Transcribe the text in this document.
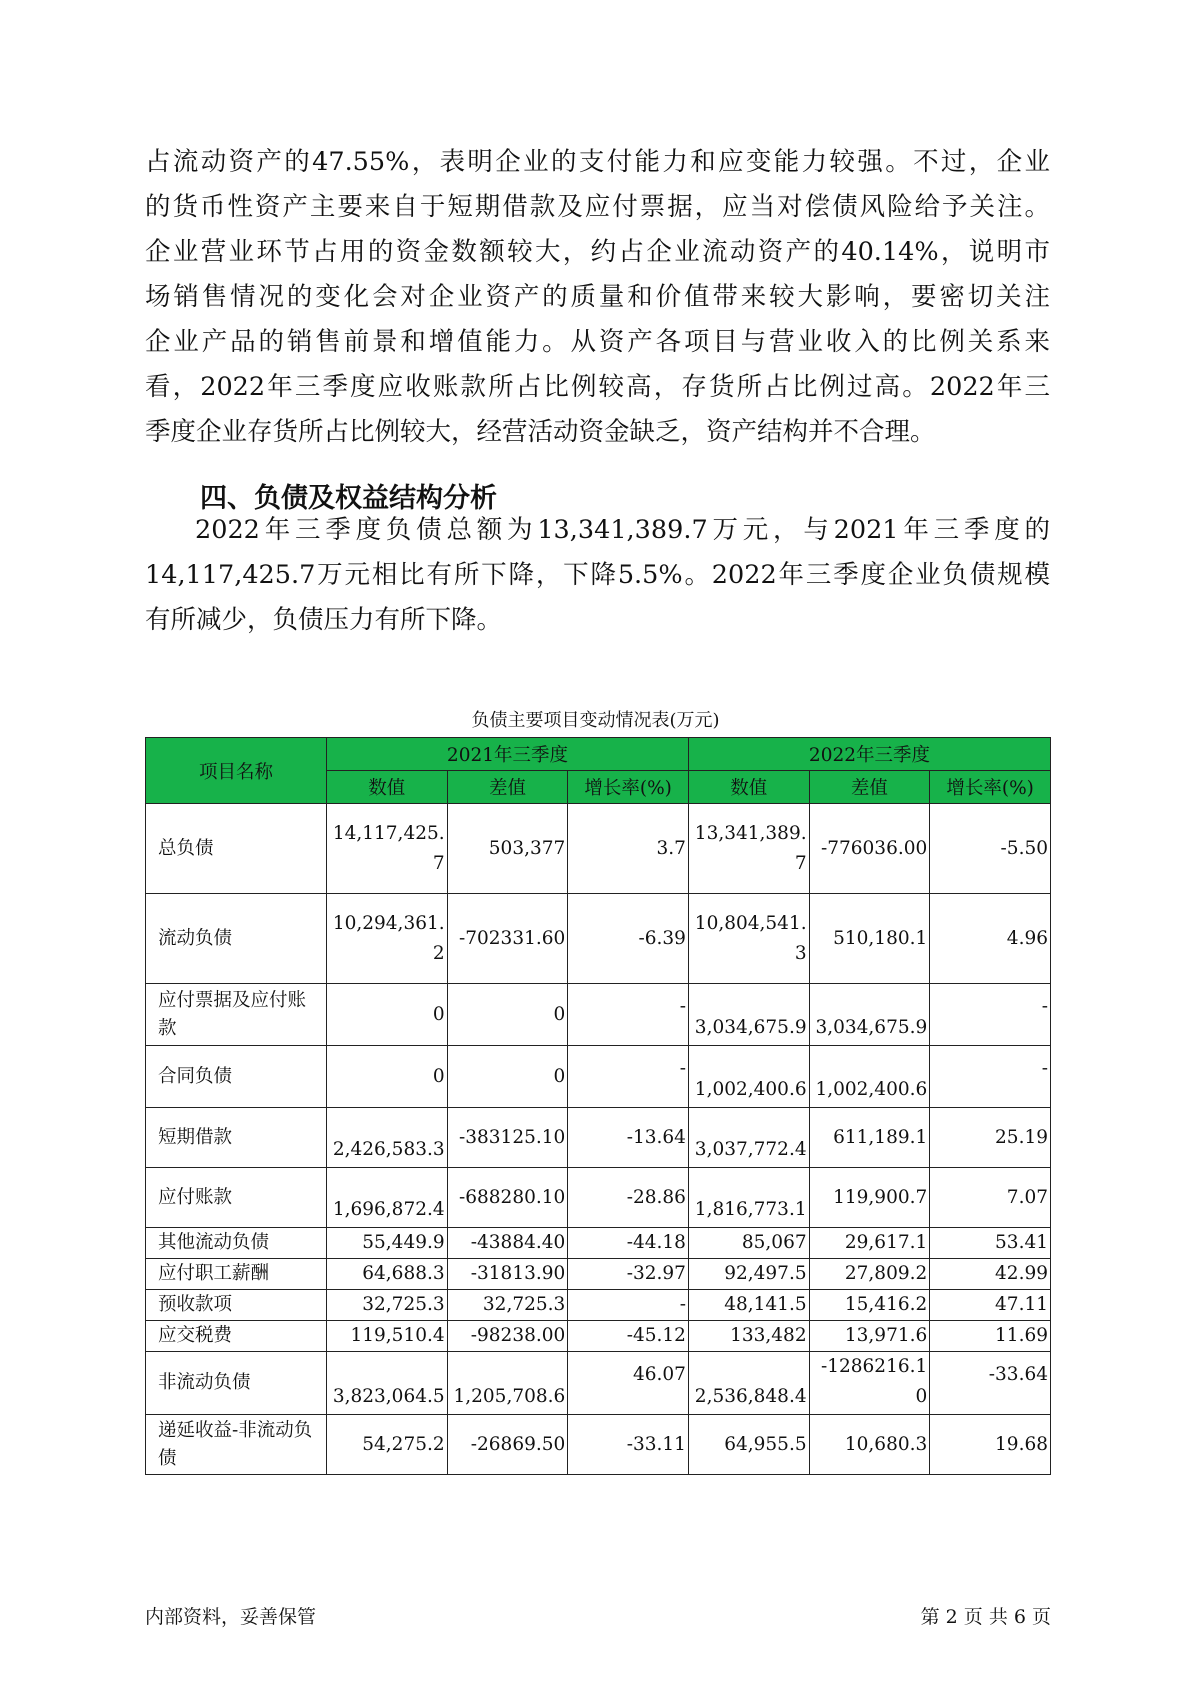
占流动资产的47.55%，表明企业的支付能力和应变能力较强。不过，企业
的货币性资产主要来自于短期借款及应付票据，应当对偿债风险给予关注。
企业营业环节占用的资金数额较大，约占企业流动资产的40.14%，说明市
场销售情况的变化会对企业资产的质量和价值带来较大影响，要密切关注
企业产品的销售前景和增值能力。从资产各项目与营业收入的比例关系来
看，2022年三季度应收账款所占比例较高，存货所占比例过高。2022年三
季度企业存货所占比例较大，经营活动资金缺乏，资产结构并不合理。
四、负债及权益结构分析
2022年三季度负债总额为13,341,389.7万元，与2021年三季度的
14,117,425.7万元相比有所下降，下降5.5%。2022年三季度企业负债规模
有所减少，负债压力有所下降。
负债主要项目变动情况表(万元)
项目名称	2021年三季度			2022年三季度		
	数值	差值	增长率(%)	数值	差值	增长率(%)
总负债	14,117,425.7	503,377	3.7	13,341,389.7	-776036.00	-5.50
流动负债	10,294,361.2	-702331.60	-6.39	10,804,541.3	510,180.1	4.96
应付票据及应付账款	0	0	-	3,034,675.9	3,034,675.9	-
合同负债	0	0	-	1,002,400.6	1,002,400.6	-
短期借款	2,426,583.3	-383125.10	-13.64	3,037,772.4	611,189.1	25.19
应付账款	1,696,872.4	-688280.10	-28.86	1,816,773.1	119,900.7	7.07
其他流动负债	55,449.9	-43884.40	-44.18	85,067	29,617.1	53.41
应付职工薪酬	64,688.3	-31813.90	-32.97	92,497.5	27,809.2	42.99
预收款项	32,725.3	32,725.3	-	48,141.5	15,416.2	47.11
应交税费	119,510.4	-98238.00	-45.12	133,482	13,971.6	11.69
非流动负债	3,823,064.5	1,205,708.6	46.07	2,536,848.4	-1286216.10	-33.64
递延收益-非流动负债	54,275.2	-26869.50	-33.11	64,955.5	10,680.3	19.68
内部资料，妥善保管	第 2 页 共 6 页
